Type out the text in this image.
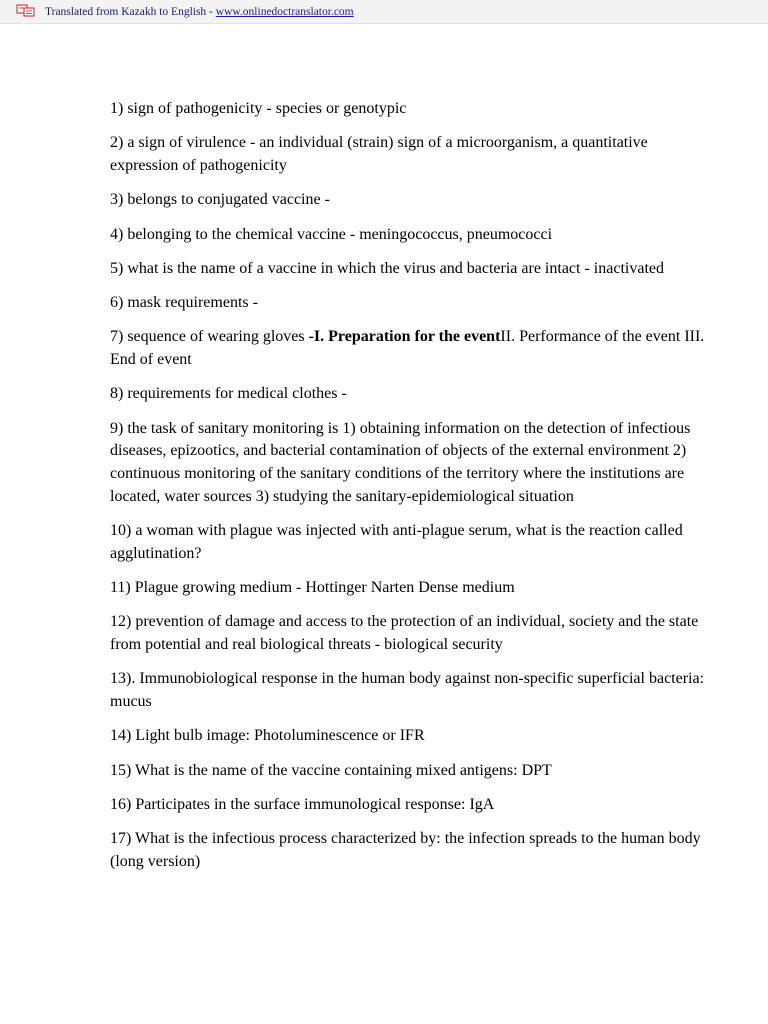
Translated from Kazakh to English - www.onlinedoctranslator.com

1) sign of pathogenicity - species or genotypic

2) a sign of virulence - an individual (strain) sign of a microorganism, a quantitative expression of pathogenicity

3) belongs to conjugated vaccine -

4) belonging to the chemical vaccine - meningococcus, pneumococci

5) what is the name of a vaccine in which the virus and bacteria are intact - inactivated

6) mask requirements -

7) sequence of wearing gloves -I. Preparation for the eventII. Performance of the event III. End of event

8) requirements for medical clothes -

9) the task of sanitary monitoring is 1) obtaining information on the detection of infectious diseases, epizootics, and bacterial contamination of objects of the external environment 2) continuous monitoring of the sanitary conditions of the territory where the institutions are located, water sources 3) studying the sanitary-epidemiological situation

10) a woman with plague was injected with anti-plague serum, what is the reaction called agglutination?

11) Plague growing medium - Hottinger Narten Dense medium

12) prevention of damage and access to the protection of an individual, society and the state from potential and real biological threats - biological security

13). Immunobiological response in the human body against non-specific superficial bacteria: mucus

14) Light bulb image: Photoluminescence or IFR

15) What is the name of the vaccine containing mixed antigens: DPT

16) Participates in the surface immunological response: IgA

17) What is the infectious process characterized by: the infection spreads to the human body (long version)
